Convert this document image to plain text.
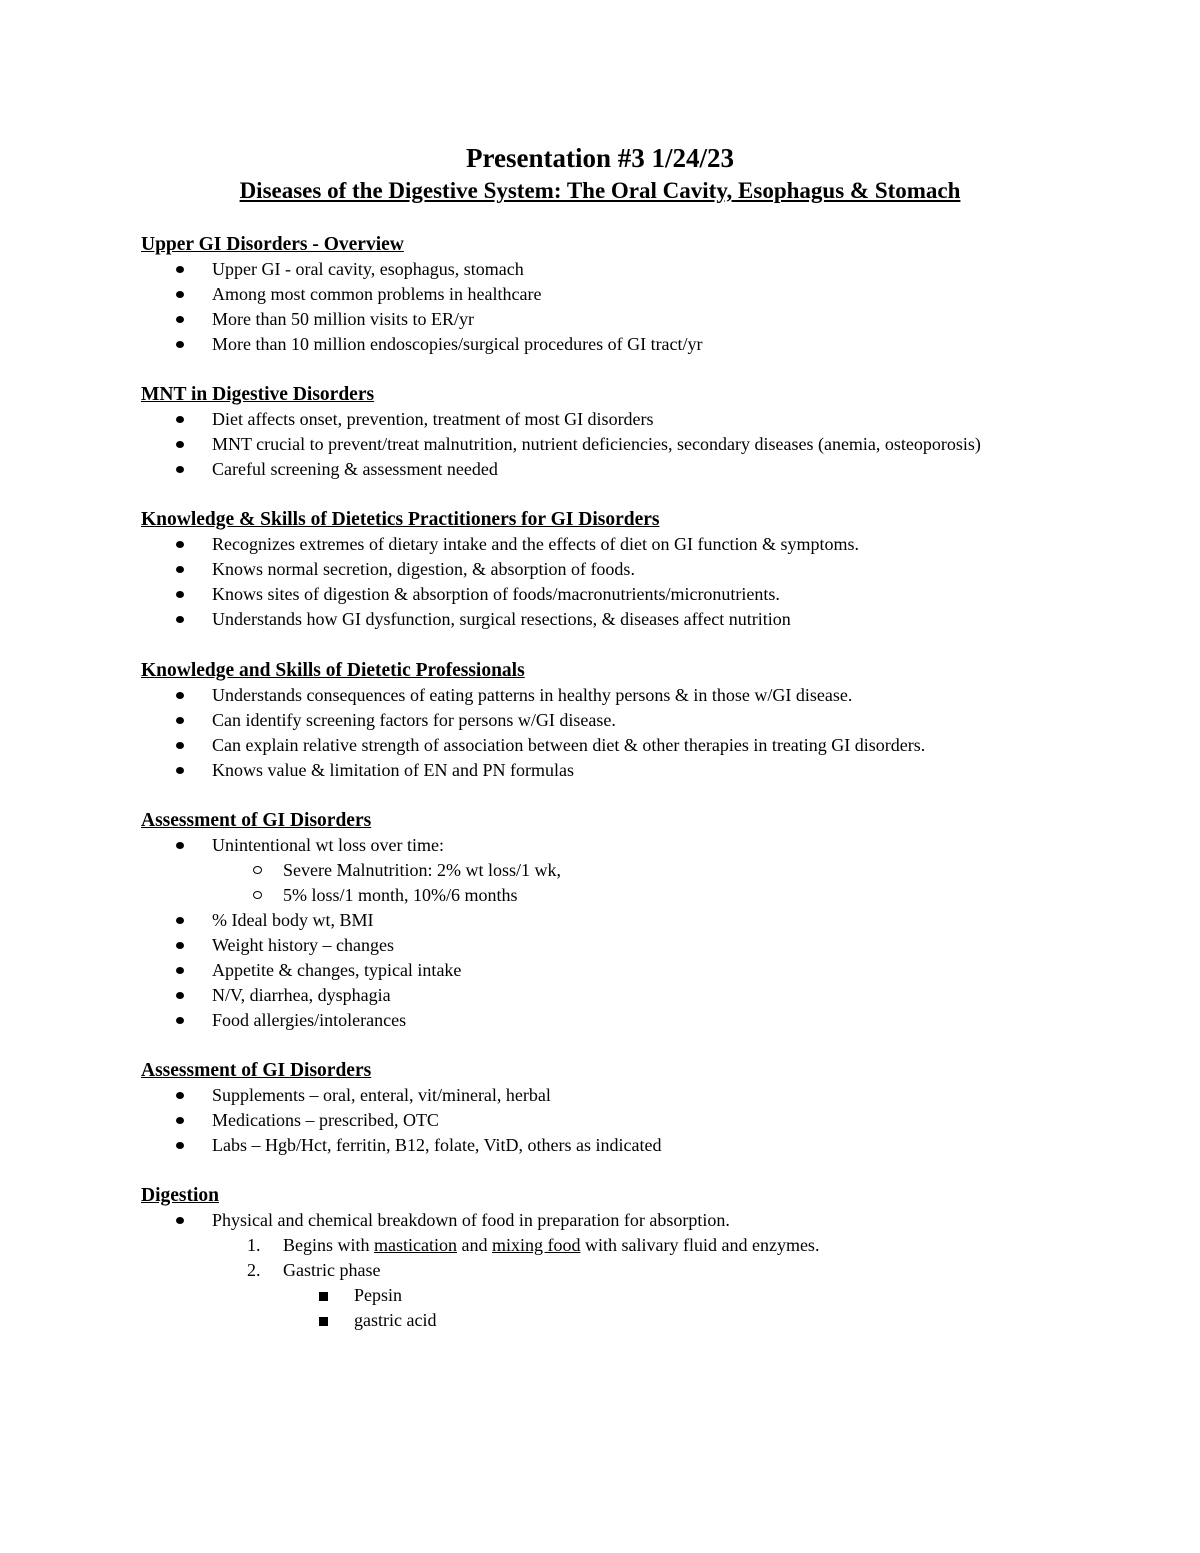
Presentation #3 1/24/23
Diseases of the Digestive System: The Oral Cavity, Esophagus & Stomach
Upper GI Disorders - Overview
Upper GI - oral cavity, esophagus, stomach
Among most common problems in healthcare
More than 50 million visits to ER/yr
More than 10 million endoscopies/surgical procedures of GI tract/yr
MNT in Digestive Disorders
Diet affects onset, prevention, treatment of most GI disorders
MNT crucial to prevent/treat malnutrition, nutrient deficiencies, secondary diseases (anemia, osteoporosis)
Careful screening & assessment needed
Knowledge & Skills of Dietetics Practitioners for GI Disorders
Recognizes extremes of dietary intake and the effects of diet on GI function & symptoms.
Knows normal secretion, digestion, & absorption of foods.
Knows sites of digestion & absorption of foods/macronutrients/micronutrients.
Understands how GI dysfunction, surgical resections, & diseases affect nutrition
Knowledge and Skills of Dietetic Professionals
Understands consequences of eating patterns in healthy persons & in those w/GI disease.
Can identify screening factors for persons w/GI disease.
Can explain relative strength of association between diet & other therapies in treating GI disorders.
Knows value & limitation of EN and PN formulas
Assessment of GI Disorders
Unintentional wt loss over time:
Severe Malnutrition: 2% wt loss/1 wk,
5% loss/1 month, 10%/6 months
% Ideal body wt, BMI
Weight history – changes
Appetite & changes, typical intake
N/V, diarrhea, dysphagia
Food allergies/intolerances
Assessment of GI Disorders
Supplements – oral, enteral, vit/mineral, herbal
Medications – prescribed, OTC
Labs – Hgb/Hct, ferritin, B12, folate, VitD, others as indicated
Digestion
Physical and chemical breakdown of food in preparation for absorption.
1. Begins with mastication and mixing food with salivary fluid and enzymes.
2. Gastric phase
Pepsin
gastric acid
